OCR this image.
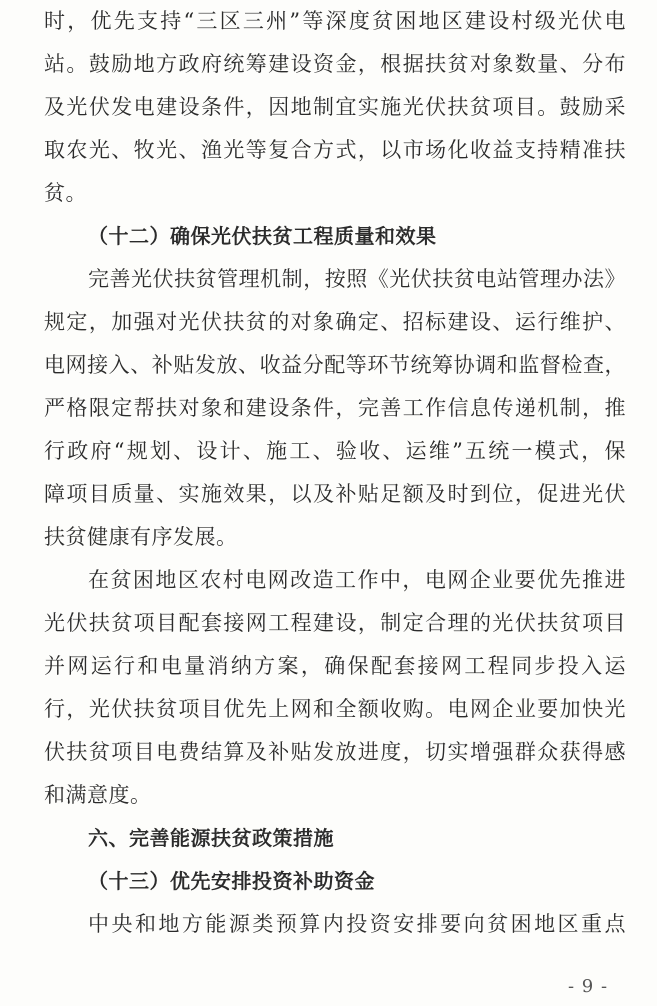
时，优先支持“三区三州”等深度贫困地区建设村级光伏电
站。鼓励地方政府统筹建设资金，根据扶贫对象数量、分布
及光伏发电建设条件，因地制宜实施光伏扶贫项目。鼓励采
取农光、牧光、渔光等复合方式，以市场化收益支持精准扶
贫。
（十二）确保光伏扶贫工程质量和效果
完善光伏扶贫管理机制，按照《光伏扶贫电站管理办法》
规定，加强对光伏扶贫的对象确定、招标建设、运行维护、
电网接入、补贴发放、收益分配等环节统筹协调和监督检查，
严格限定帮扶对象和建设条件，完善工作信息传递机制，推
行政府“规划、设计、施工、验收、运维”五统一模式，保
障项目质量、实施效果，以及补贴足额及时到位，促进光伏
扶贫健康有序发展。
在贫困地区农村电网改造工作中，电网企业要优先推进
光伏扶贫项目配套接网工程建设，制定合理的光伏扶贫项目
并网运行和电量消纳方案，确保配套接网工程同步投入运
行，光伏扶贫项目优先上网和全额收购。电网企业要加快光
伏扶贫项目电费结算及补贴发放进度，切实增强群众获得感
和满意度。
六、完善能源扶贫政策措施
（十三）优先安排投资补助资金
中央和地方能源类预算内投资安排要向贫困地区重点
- 9 -
